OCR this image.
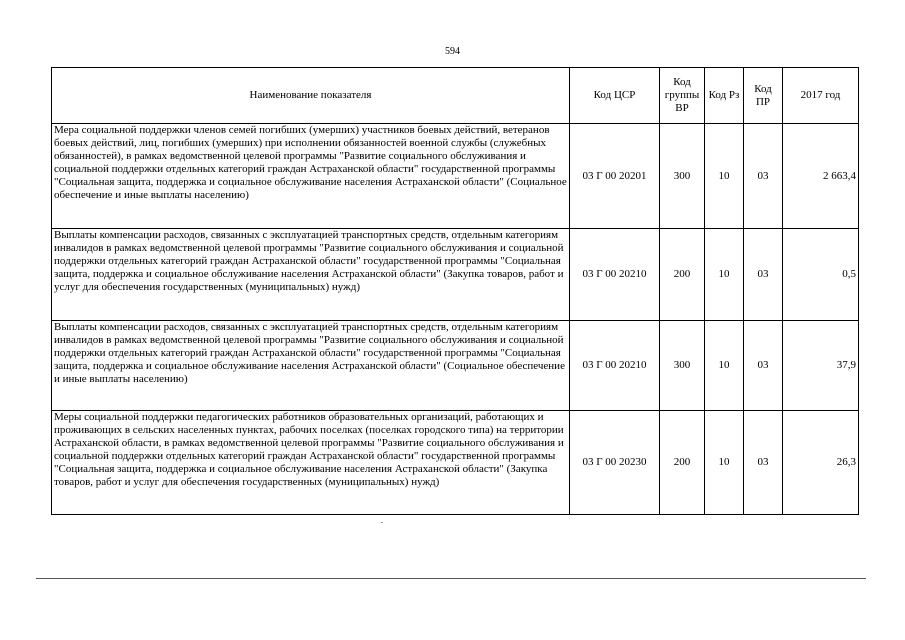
594
Наименование показателя	Код ЦСР	Код группы ВР	Код Рз	Код ПР	2017 год
Мера социальной поддержки членов семей погибших (умерших) участников боевых действий, ветеранов боевых действий, лиц, погибших (умерших) при исполнении обязанностей военной службы (служебных обязанностей), в рамках ведомственной целевой программы "Развитие социального обслуживания и социальной поддержки отдельных категорий граждан Астраханской области" государственной программы "Социальная защита, поддержка и социальное обслуживание населения Астраханской области" (Социальное обеспечение и иные выплаты населению)	03 Г 00 20201	300	10	03	2 663,4
Выплаты компенсации расходов, связанных с эксплуатацией транспортных средств, отдельным категориям инвалидов в рамках ведомственной целевой программы "Развитие социального обслуживания и социальной поддержки отдельных категорий граждан Астраханской области" государственной программы "Социальная защита, поддержка и социальное обслуживание населения Астраханской области" (Закупка товаров, работ и услуг для обеспечения государственных (муниципальных) нужд)	03 Г 00 20210	200	10	03	0,5
Выплаты компенсации расходов, связанных с эксплуатацией транспортных средств, отдельным категориям инвалидов в рамках ведомственной целевой программы "Развитие социального обслуживания и социальной поддержки отдельных категорий граждан Астраханской области" государственной программы "Социальная защита, поддержка и социальное обслуживание населения Астраханской области" (Социальное обеспечение и иные выплаты населению)	03 Г 00 20210	300	10	03	37,9
Меры социальной поддержки педагогических работников образовательных организаций, работающих и проживающих в сельских населенных пунктах, рабочих поселках (поселках городского типа) на территории Астраханской области, в рамках ведомственной целевой программы "Развитие социального обслуживания и социальной поддержки отдельных категорий граждан Астраханской области" государственной программы "Социальная защита, поддержка и социальное обслуживание населения Астраханской области" (Закупка товаров, работ и услуг для обеспечения государственных (муниципальных) нужд)	03 Г 00 20230	200	10	03	26,3
